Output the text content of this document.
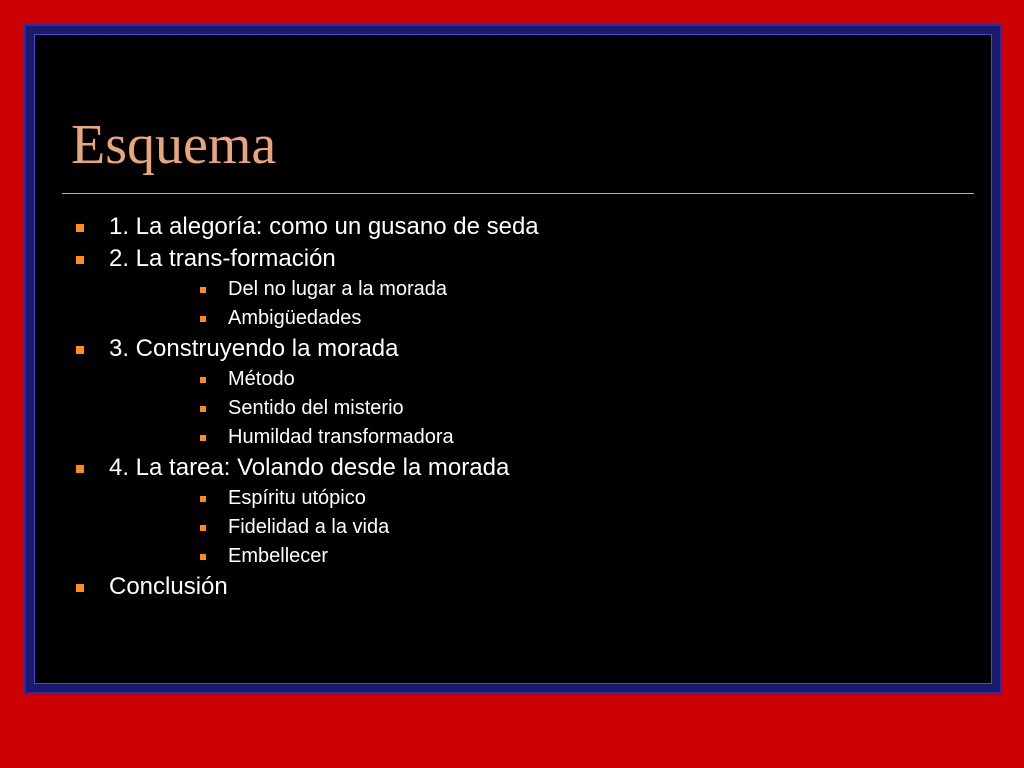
Esquema
1. La alegoría: como un gusano de seda
2. La trans-formación
Del no lugar a la morada
Ambigüedades
3. Construyendo la morada
Método
Sentido del misterio
Humildad transformadora
4. La tarea: Volando desde la morada
Espíritu utópico
Fidelidad a la vida
Embellecer
Conclusión
